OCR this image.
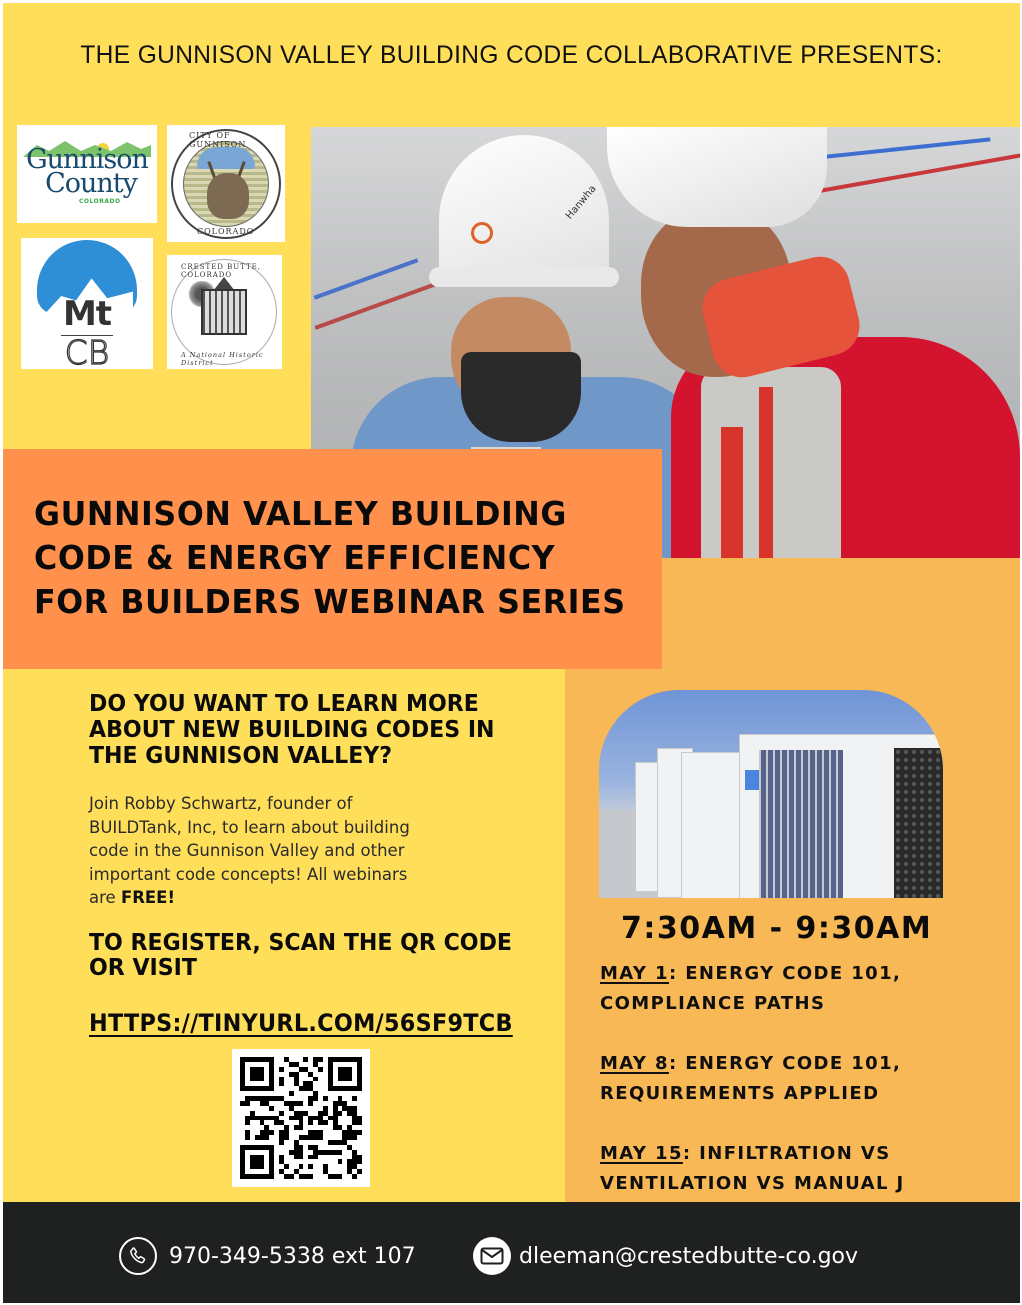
THE GUNNISON VALLEY BUILDING CODE COLLABORATIVE PRESENTS:
Gunnison
County
COLORADO
CITY OF GUNNISON
COLORADO
Mt
CB
CRESTED BUTTE, COLORADO
A National Historic District
Hanwha
GUNNISON VALLEY BUILDING
CODE & ENERGY EFFICIENCY
FOR BUILDERS WEBINAR SERIES
DO YOU WANT TO LEARN MORE
ABOUT NEW BUILDING CODES IN
THE GUNNISON VALLEY?
Join Robby Schwartz, founder of
BUILDTank, Inc, to learn about building
code in the Gunnison Valley and other
important code concepts! All webinars
are FREE!
TO REGISTER, SCAN THE QR CODE
OR VISIT
HTTPS://TINYURL.COM/56SF9TCB
7:30AM - 9:30AM
MAY 1: ENERGY CODE 101,
COMPLIANCE PATHS
MAY 8: ENERGY CODE 101,
REQUIREMENTS APPLIED
MAY 15: INFILTRATION VS
VENTILATION VS MANUAL J
970-349-5338 ext 107	dleeman@crestedbutte-co.gov
